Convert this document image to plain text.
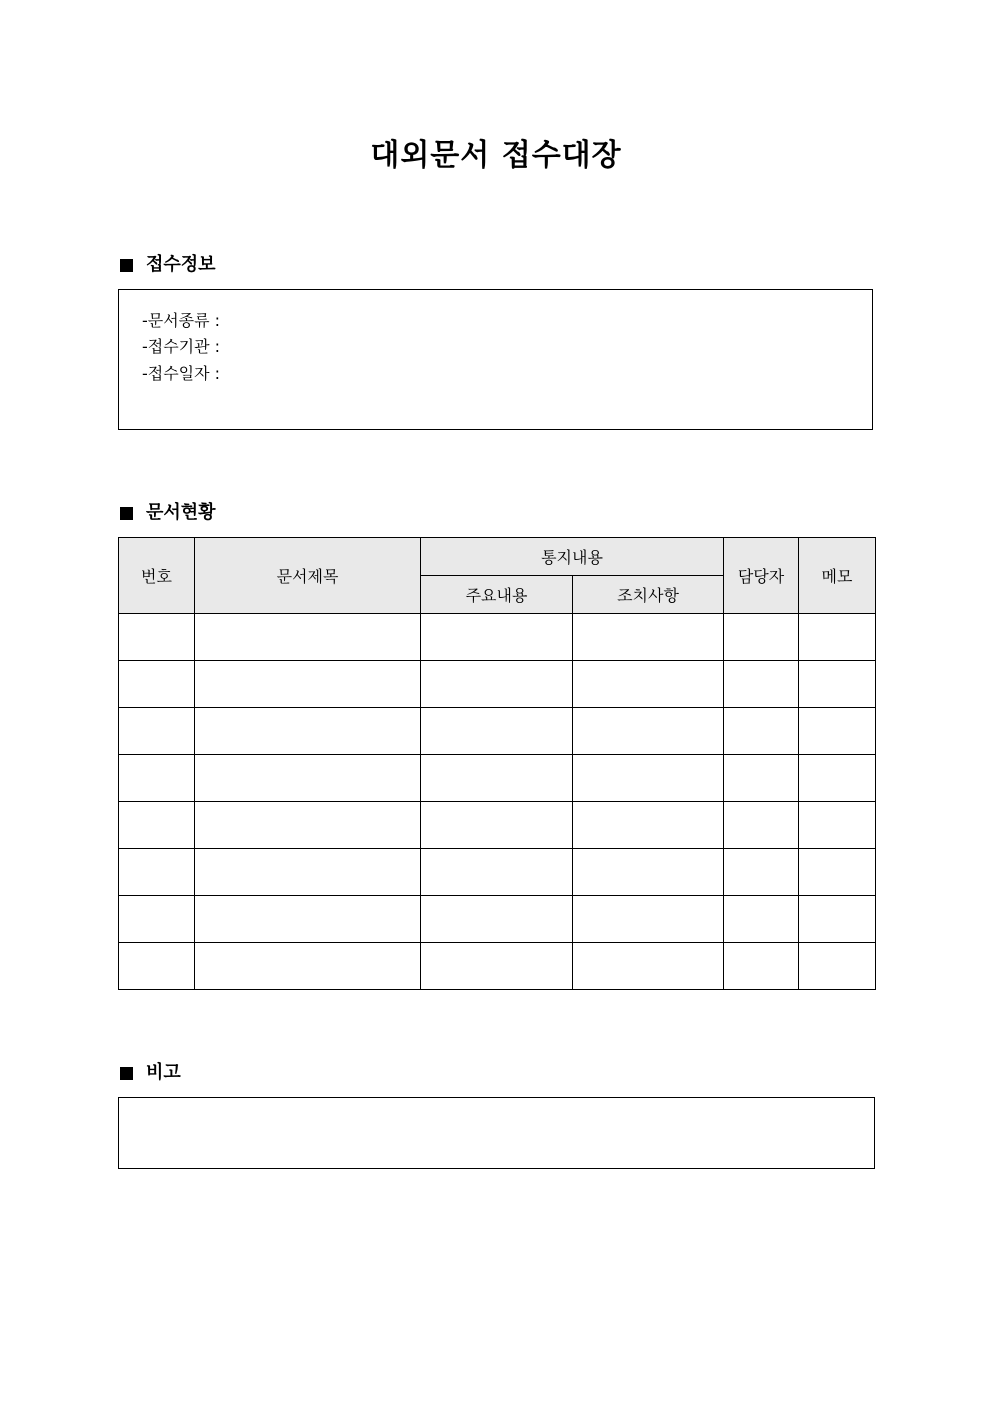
대외문서 접수대장
접수정보
-문서종류 :
-접수기관 :
-접수일자 :
문서현황
번호	문서제목	통지내용		담당자	메모
		주요내용	조치사항		

비고
